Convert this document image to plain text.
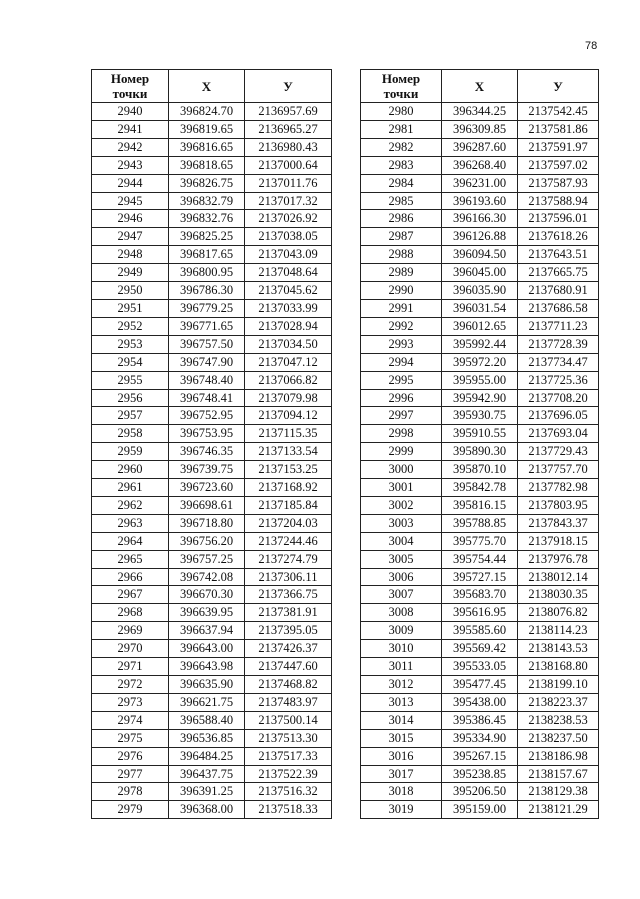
78
Номер
точки	X	У
2940	396824.70	2136957.69
2941	396819.65	2136965.27
2942	396816.65	2136980.43
2943	396818.65	2137000.64
2944	396826.75	2137011.76
2945	396832.79	2137017.32
2946	396832.76	2137026.92
2947	396825.25	2137038.05
2948	396817.65	2137043.09
2949	396800.95	2137048.64
2950	396786.30	2137045.62
2951	396779.25	2137033.99
2952	396771.65	2137028.94
2953	396757.50	2137034.50
2954	396747.90	2137047.12
2955	396748.40	2137066.82
2956	396748.41	2137079.98
2957	396752.95	2137094.12
2958	396753.95	2137115.35
2959	396746.35	2137133.54
2960	396739.75	2137153.25
2961	396723.60	2137168.92
2962	396698.61	2137185.84
2963	396718.80	2137204.03
2964	396756.20	2137244.46
2965	396757.25	2137274.79
2966	396742.08	2137306.11
2967	396670.30	2137366.75
2968	396639.95	2137381.91
2969	396637.94	2137395.05
2970	396643.00	2137426.37
2971	396643.98	2137447.60
2972	396635.90	2137468.82
2973	396621.75	2137483.97
2974	396588.40	2137500.14
2975	396536.85	2137513.30
2976	396484.25	2137517.33
2977	396437.75	2137522.39
2978	396391.25	2137516.32
2979	396368.00	2137518.33
Номер
точки	X	У
2980	396344.25	2137542.45
2981	396309.85	2137581.86
2982	396287.60	2137591.97
2983	396268.40	2137597.02
2984	396231.00	2137587.93
2985	396193.60	2137588.94
2986	396166.30	2137596.01
2987	396126.88	2137618.26
2988	396094.50	2137643.51
2989	396045.00	2137665.75
2990	396035.90	2137680.91
2991	396031.54	2137686.58
2992	396012.65	2137711.23
2993	395992.44	2137728.39
2994	395972.20	2137734.47
2995	395955.00	2137725.36
2996	395942.90	2137708.20
2997	395930.75	2137696.05
2998	395910.55	2137693.04
2999	395890.30	2137729.43
3000	395870.10	2137757.70
3001	395842.78	2137782.98
3002	395816.15	2137803.95
3003	395788.85	2137843.37
3004	395775.70	2137918.15
3005	395754.44	2137976.78
3006	395727.15	2138012.14
3007	395683.70	2138030.35
3008	395616.95	2138076.82
3009	395585.60	2138114.23
3010	395569.42	2138143.53
3011	395533.05	2138168.80
3012	395477.45	2138199.10
3013	395438.00	2138223.37
3014	395386.45	2138238.53
3015	395334.90	2138237.50
3016	395267.15	2138186.98
3017	395238.85	2138157.67
3018	395206.50	2138129.38
3019	395159.00	2138121.29
